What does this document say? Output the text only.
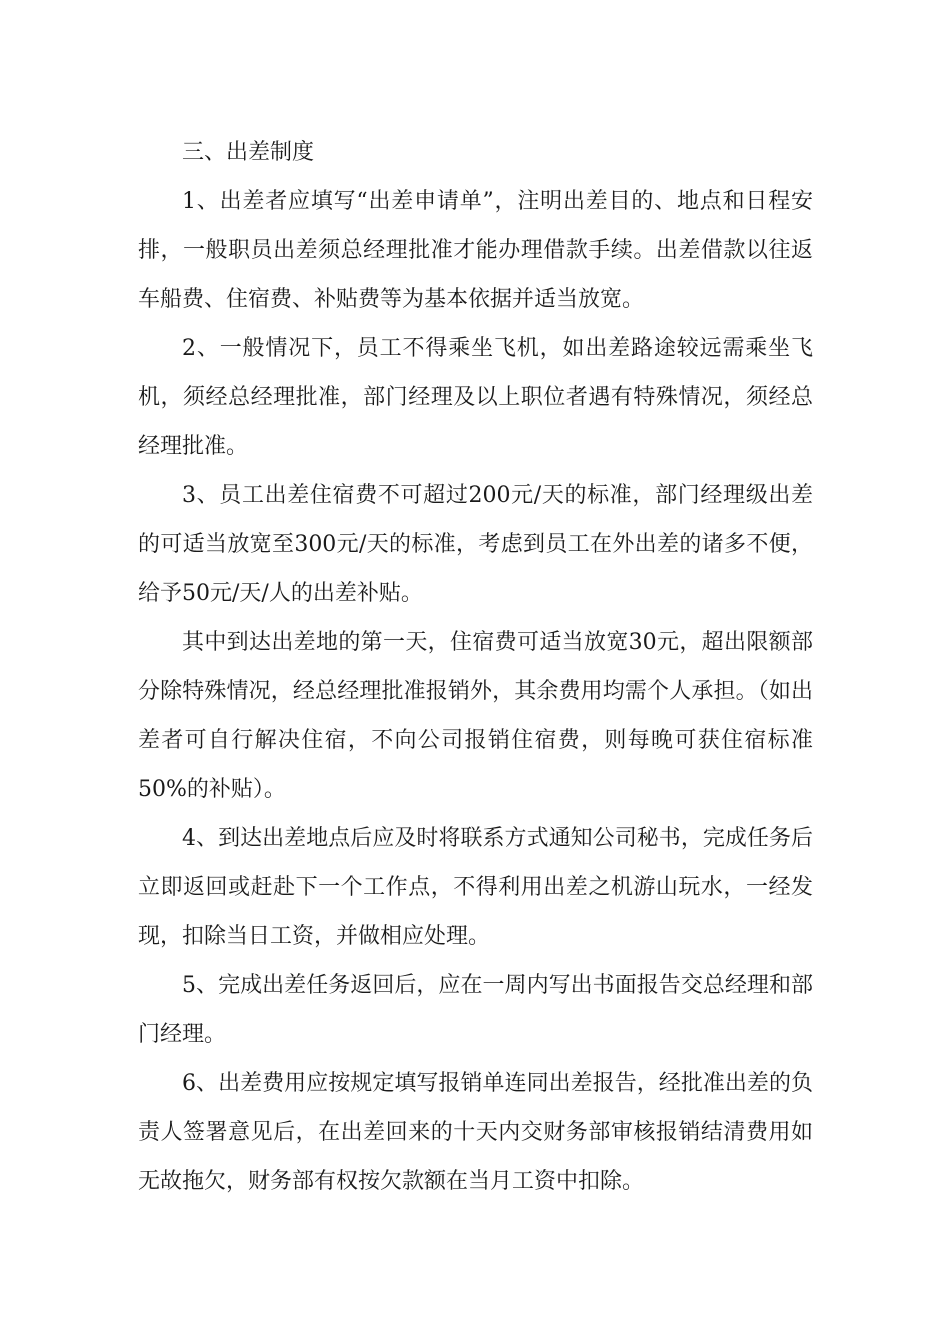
三、出差制度

1、出差者应填写“出差申请单”，注明出差目的、地点和日程安排，一般职员出差须总经理批准才能办理借款手续。出差借款以往返车船费、住宿费、补贴费等为基本依据并适当放宽。

2、一般情况下，员工不得乘坐飞机，如出差路途较远需乘坐飞机，须经总经理批准，部门经理及以上职位者遇有特殊情况，须经总经理批准。

3、员工出差住宿费不可超过200元/天的标准，部门经理级出差的可适当放宽至300元/天的标准，考虑到员工在外出差的诸多不便，给予50元/天/人的出差补贴。

其中到达出差地的第一天，住宿费可适当放宽30元，超出限额部分除特殊情况，经总经理批准报销外，其余费用均需个人承担。（如出差者可自行解决住宿，不向公司报销住宿费，则每晚可获住宿标准50%的补贴）。

4、到达出差地点后应及时将联系方式通知公司秘书，完成任务后立即返回或赶赴下一个工作点，不得利用出差之机游山玩水，一经发现，扣除当日工资，并做相应处理。

5、完成出差任务返回后，应在一周内写出书面报告交总经理和部门经理。

6、出差费用应按规定填写报销单连同出差报告，经批准出差的负责人签署意见后，在出差回来的十天内交财务部审核报销结清费用如无故拖欠，财务部有权按欠款额在当月工资中扣除。
